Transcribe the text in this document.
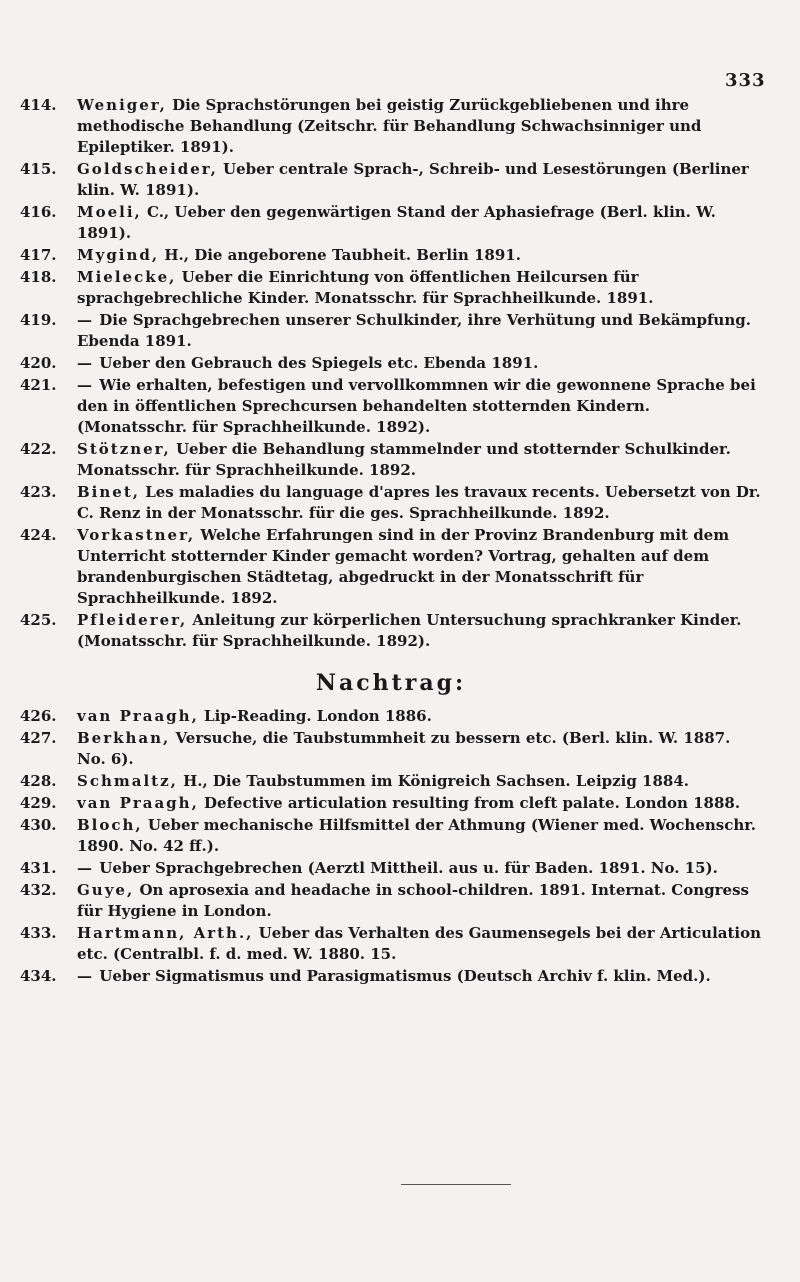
333
414.	Weniger, Die Sprachstörungen bei geistig Zurückgebliebenen und ihre methodische Behandlung (Zeitschr. für Behandlung Schwachsinniger und Epileptiker. 1891).
415.	Goldscheider, Ueber centrale Sprach-, Schreib- und Lesestörungen (Berliner klin. W. 1891).
416.	Moeli, C., Ueber den gegenwärtigen Stand der Aphasiefrage (Berl. klin. W. 1891).
417.	Mygind, H., Die angeborene Taubheit. Berlin 1891.
418.	Mielecke, Ueber die Einrichtung von öffentlichen Heilcursen für sprachgebrechliche Kinder. Monatsschr. für Sprachheilkunde. 1891.
419.	— Die Sprachgebrechen unserer Schulkinder, ihre Verhütung und Bekämpfung. Ebenda 1891.
420.	— Ueber den Gebrauch des Spiegels etc. Ebenda 1891.
421.	— Wie erhalten, befestigen und vervollkommnen wir die gewonnene Sprache bei den in öffentlichen Sprechcursen behandelten stotternden Kindern. (Monatsschr. für Sprachheilkunde. 1892).
422.	Stötzner, Ueber die Behandlung stammelnder und stotternder Schulkinder. Monatsschr. für Sprachheilkunde. 1892.
423.	Binet, Les maladies du language d'apres les travaux recents. Uebersetzt von Dr. C. Renz in der Monatsschr. für die ges. Sprachheilkunde. 1892.
424.	Vorkastner, Welche Erfahrungen sind in der Provinz Brandenburg mit dem Unterricht stotternder Kinder gemacht worden? Vortrag, gehalten auf dem brandenburgischen Städtetag, abgedruckt in der Monatsschrift für Sprachheilkunde. 1892.
425.	Pfleiderer, Anleitung zur körperlichen Untersuchung sprachkranker Kinder. (Monatsschr. für Sprachheilkunde. 1892).
Nachtrag:
426.	van Praagh, Lip-Reading. London 1886.
427.	Berkhan, Versuche, die Taubstummheit zu bessern etc. (Berl. klin. W. 1887. No. 6).
428.	Schmaltz, H., Die Taubstummen im Königreich Sachsen. Leipzig 1884.
429.	van Praagh, Defective articulation resulting from cleft palate. London 1888.
430.	Bloch, Ueber mechanische Hilfsmittel der Athmung (Wiener med. Wochenschr. 1890. No. 42 ff.).
431.	— Ueber Sprachgebrechen (Aerztl Mittheil. aus u. für Baden. 1891. No. 15).
432.	Guye, On aprosexia and headache in school-children. 1891. Internat. Congress für Hygiene in London.
433.	Hartmann, Arth., Ueber das Verhalten des Gaumensegels bei der Articulation etc. (Centralbl. f. d. med. W. 1880. 15.
434.	— Ueber Sigmatismus und Parasigmatismus (Deutsch Archiv f. klin. Med.).
